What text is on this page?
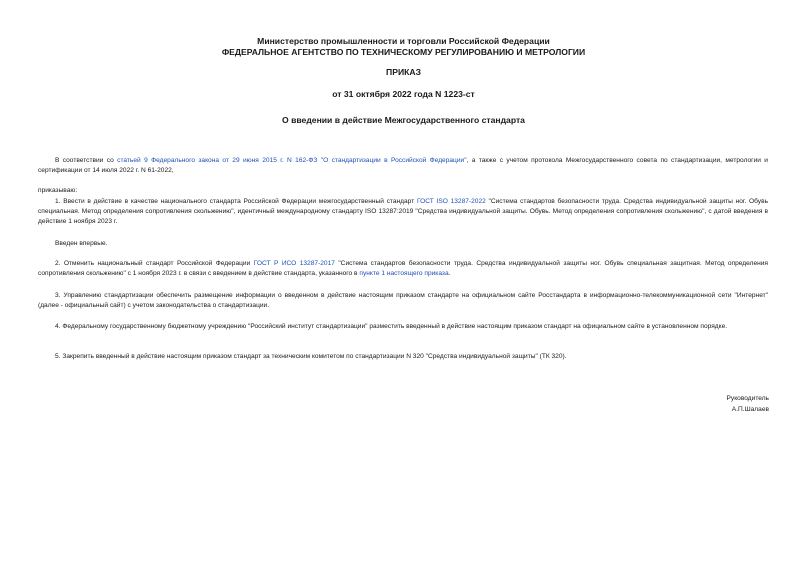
Министерство промышленности и торговли Российской Федерации

ФЕДЕРАЛЬНОЕ АГЕНТСТВО ПО ТЕХНИЧЕСКОМУ РЕГУЛИРОВАНИЮ И МЕТРОЛОГИИ

ПРИКАЗ

от 31 октября 2022 года N 1223-ст

О введении в действие Межгосударственного стандарта

В соответствии со статьей 9 Федерального закона от 29 июня 2015 г. N 162-ФЗ "О стандартизации в Российской Федерации", а также с учетом протокола Межгосударственного совета по стандартизации, метрологии и сертификации от 14 июля 2022 г. N 61-2022,

приказываю:

1. Ввести в действие в качестве национального стандарта Российской Федерации межгосударственный стандарт ГОСТ ISO 13287-2022 "Система стандартов безопасности труда. Средства индивидуальной защиты ног. Обувь специальная. Метод определения сопротивления скольжению", идентичный международному стандарту ISO 13287:2019 "Средства индивидуальной защиты. Обувь. Метод определения сопротивления скольжению", с датой введения в действие 1 ноября 2023 г.

Введен впервые.

2. Отменить национальный стандарт Российской Федерации ГОСТ Р ИСО 13287-2017 "Система стандартов безопасности труда. Средства индивидуальной защиты ног. Обувь специальная защитная. Метод определения сопротивления скольжению" с 1 ноября 2023 г. в связи с введением в действие стандарта, указанного в пункте 1 настоящего приказа.

3. Управлению стандартизации обеспечить размещение информации о введенном в действие настоящим приказом стандарте на официальном сайте Росстандарта в информационно-телекоммуникационной сети "Интернет" (далее - официальный сайт) с учетом законодательства о стандартизации.

4. Федеральному государственному бюджетному учреждению "Российский институт стандартизации" разместить введенный в действие настоящим приказом стандарт на официальном сайте в установленном порядке.

5. Закрепить введенный в действие настоящим приказом стандарт за техническим комитетом по стандартизации N 320 "Средства индивидуальной защиты" (ТК 320).

Руководитель

А.П.Шалаев
